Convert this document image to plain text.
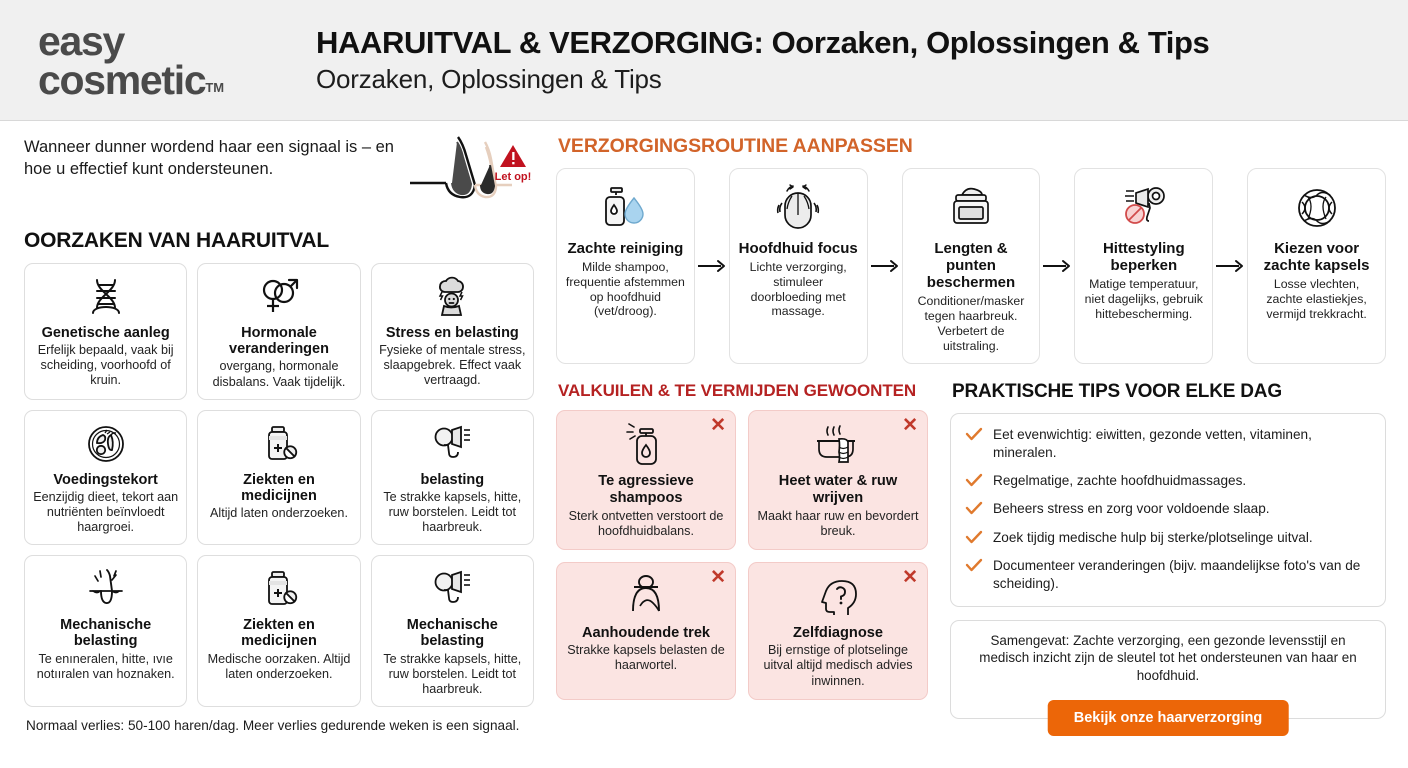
easy
cosmeticTM
HAARUITVAL & VERZORGING: Oorzaken, Oplossingen & Tips
Oorzaken, Oplossingen & Tips
Wanneer dunner wordend haar een signaal is – en hoe u effectief kunt ondersteunen.	Let op!
OORZAKEN VAN HAARUITVAL
Genetische aanleg
Erfelijk bepaald, vaak bij scheiding, voorhoofd of kruin.
Hormonale veranderingen
overgang, hormonale disbalans. Vaak tijdelijk.
Stress en belasting
Fysieke of mentale stress, slaapgebrek. Effect vaak vertraagd.
Voedingstekort
Eenzijdig dieet, tekort aan nutriënten beïnvloedt haargroei.
Ziekten en medicijnen
Altijd laten onderzoeken.
belasting
Te strakke kapsels, hitte, ruw borstelen. Leidt tot haarbreuk.
Mechanische belasting
Te enıneralen, hitte, ıvıe notııralen van hoznaken.
Ziekten en medicijnen
Medische oorzaken. Altijd laten onderzoeken.
Mechanische belasting
Te strakke kapsels, hitte, ruw borstelen. Leidt tot haarbreuk.
Normaal verlies: 50-100 haren/dag. Meer verlies gedurende weken is een signaal.
VERZORGINGSROUTINE AANPASSEN
Zachte reiniging
Milde shampoo, frequentie afstemmen op hoofdhuid (vet/droog).
Hoofdhuid focus
Lichte verzorging, stimuleer doorbloeding met massage.
Lengten & punten beschermen
Conditioner/masker tegen haarbreuk. Verbetert de uitstraling.
Hittestyling beperken
Matige temperatuur, niet dagelijks, gebruik hittebescherming.
Kiezen voor zachte kapsels
Losse vlechten, zachte elastiekjes, vermijd trekkracht.
VALKUILEN & TE VERMIJDEN GEWOONTEN
✕
Te agressieve shampoos
Sterk ontvetten verstoort de hoofdhuidbalans.
✕
Heet water & ruw wrijven
Maakt haar ruw en bevordert breuk.
✕
Aanhoudende trek
Strakke kapsels belasten de haarwortel.
✕
Zelfdiagnose
Bij ernstige of plotselinge uitval altijd medisch advies inwinnen.
PRAKTISCHE TIPS VOOR ELKE DAG
Eet evenwichtig: eiwitten, gezonde vetten, vitaminen, mineralen.
Regelmatige, zachte hoofdhuidmassages.
Beheers stress en zorg voor voldoende slaap.
Zoek tijdig medische hulp bij sterke/plotselinge uitval.
Documenteer veranderingen (bijv. maandelijkse foto's van de scheiding).
Samengevat: Zachte verzorging, een gezonde levensstijl en medisch inzicht zijn de sleutel tot het ondersteunen van haar en hoofdhuid.
Bekijk onze haarverzorging
